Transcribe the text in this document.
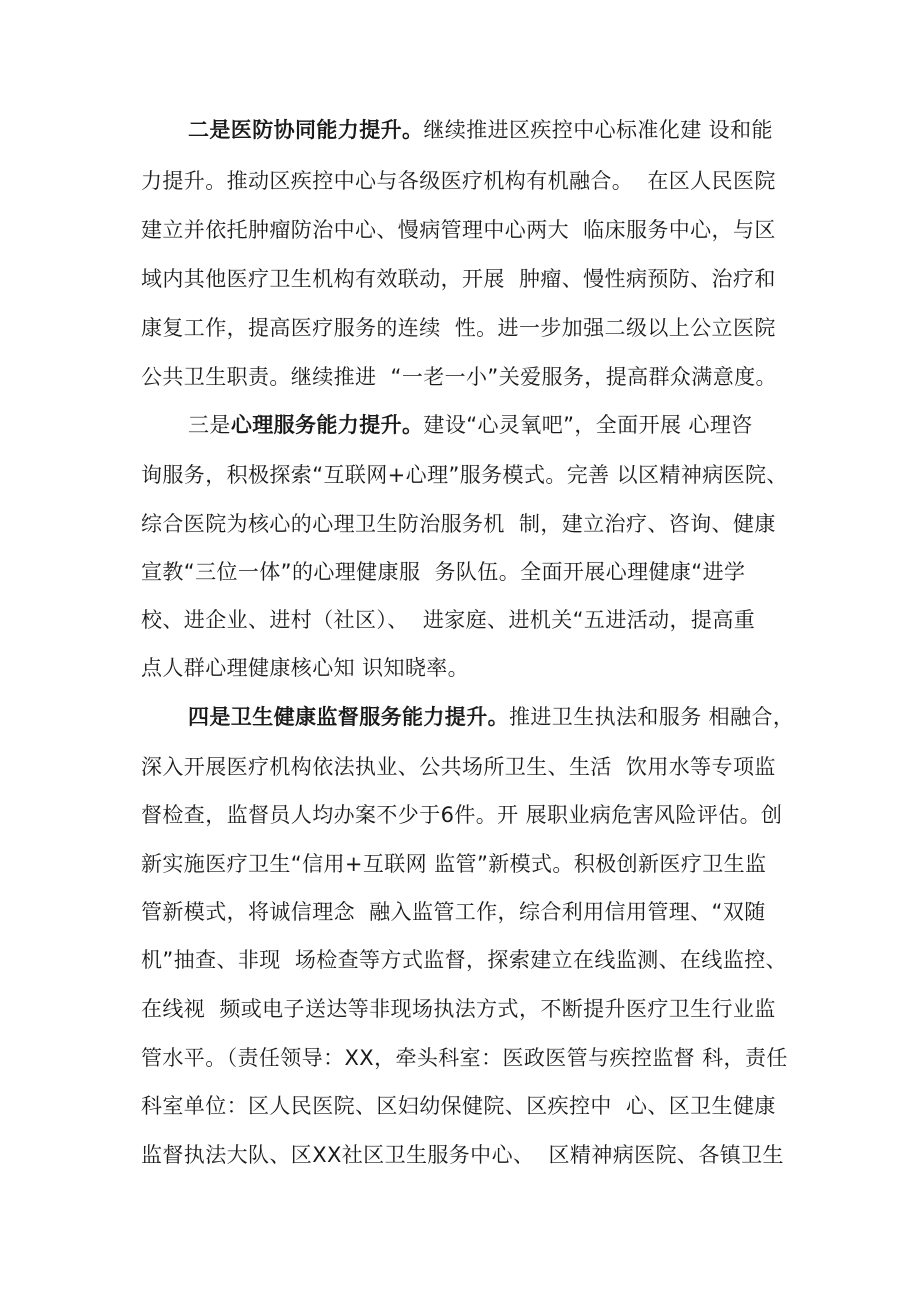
二是医防协同能力提升。继续推进区疾控中心标准化建 设和能
力提升。推动区疾控中心与各级医疗机构有机融合。  在区人民医院
建立并依托肿瘤防治中心、慢病管理中心两大  临床服务中心，与区
域内其他医疗卫生机构有效联动，开展  肿瘤、慢性病预防、治疗和
康复工作，提高医疗服务的连续  性。进一步加强二级以上公立医院
公共卫生职责。继续推进  “一老一小”关爱服务，提高群众满意度。
三是心理服务能力提升。建设“心灵氧吧”，全面开展 心理咨
询服务，积极探索“互联网+心理”服务模式。完善 以区精神病医院、
综合医院为核心的心理卫生防治服务机  制，建立治疗、咨询、健康
宣教“三位一体”的心理健康服  务队伍。全面开展心理健康“进学
校、进企业、进村（社区）、  进家庭、进机关“五进活动，提高重
点人群心理健康核心知 识知晓率。
四是卫生健康监督服务能力提升。推进卫生执法和服务 相融合，
深入开展医疗机构依法执业、公共场所卫生、生活  饮用水等专项监
督检查，监督员人均办案不少于6件。开 展职业病危害风险评估。创
新实施医疗卫生“信用+互联网 监管”新模式。积极创新医疗卫生监
管新模式，将诚信理念  融入监管工作，综合利用信用管理、“双随
机”抽查、非现  场检查等方式监督，探索建立在线监测、在线监控、
在线视  频或电子送达等非现场执法方式，不断提升医疗卫生行业监
管水平。（责任领导：XX，牵头科室：医政医管与疾控监督 科，责任
科室单位：区人民医院、区妇幼保健院、区疾控中  心、区卫生健康
监督执法大队、区XX社区卫生服务中心、  区精神病医院、各镇卫生
